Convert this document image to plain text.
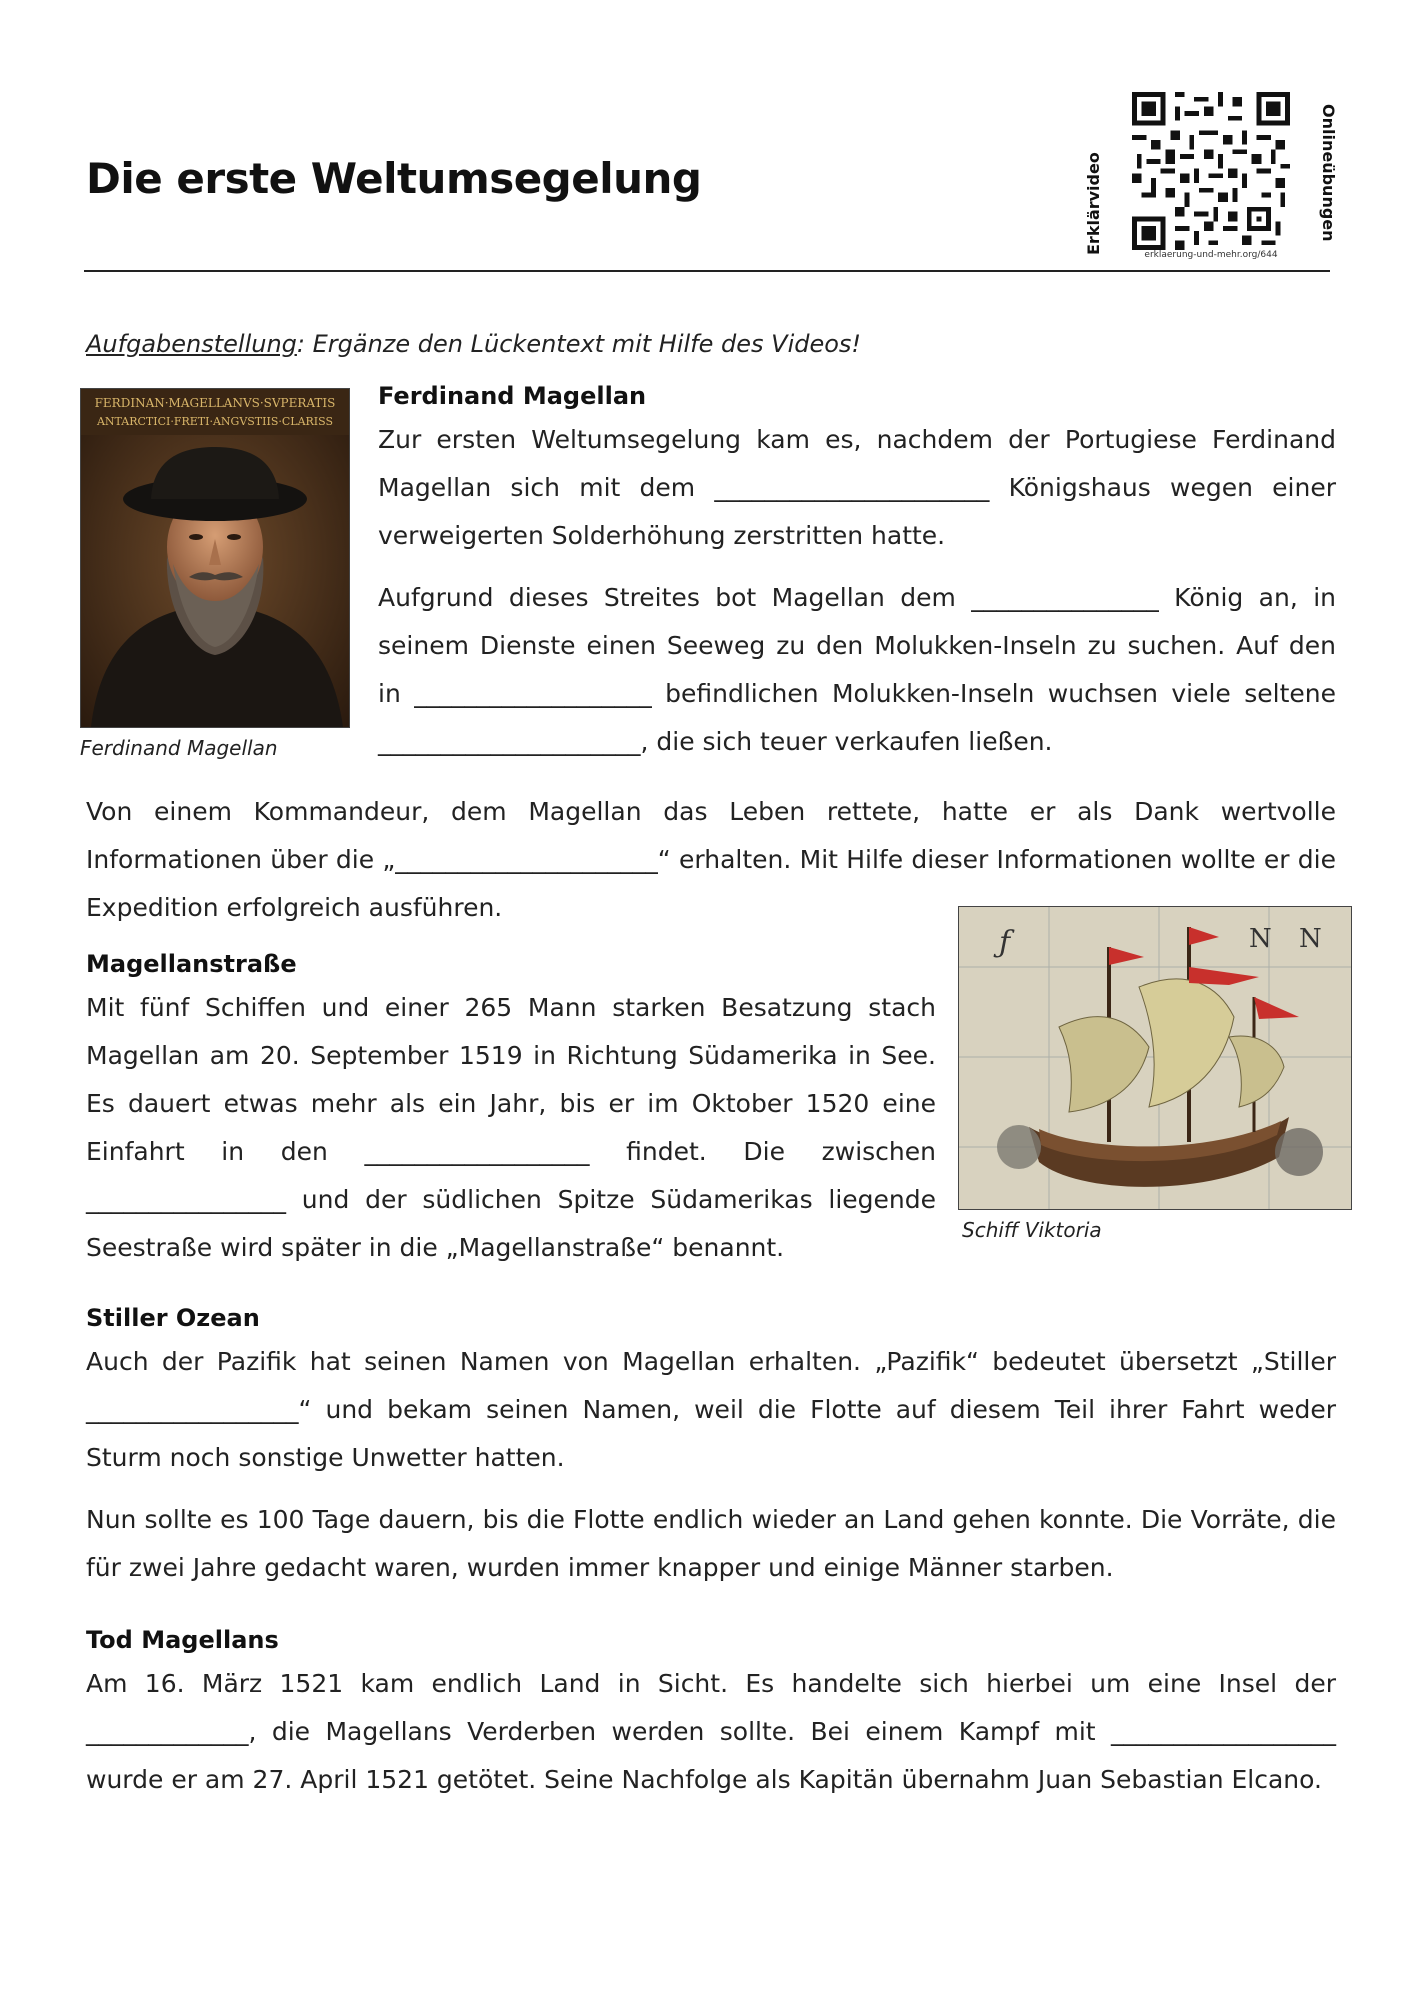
Die erste Weltumsegelung	Erklärvideo	erklaerung-und-mehr.org/644
Onlineübungen
Aufgabenstellung: Ergänze den Lückentext mit Hilfe des Videos!
FERDINAN·MAGELLANVS·SVPERATIS
ANTARCTICI·FRETI·ANGVSTIIS·CLARISS
Ferdinand Magellan
Ferdinand Magellan

Zur ersten Weltumsegelung kam es, nachdem der Portugiese Ferdinand Magellan sich mit dem ______________________ Königshaus wegen einer verweigerten Solderhöhung zerstritten hatte.

Aufgrund dieses Streites bot Magellan dem _______________ König an, in seinem Dienste einen Seeweg zu den Molukken-Inseln zu suchen. Auf den in ___________________ befindlichen Molukken-Inseln wuchsen viele seltene _____________________, die sich teuer verkaufen ließen.

Von einem Kommandeur, dem Magellan das Leben rettete, hatte er als Dank wertvolle Informationen über die „_____________________“ erhalten. Mit Hilfe dieser Informationen wollte er die Expedition erfolgreich ausführen.

Magellanstraße

Mit fünf Schiffen und einer 265 Mann starken Besatzung stach Magellan am 20. September 1519 in Richtung Südamerika in See. Es dauert etwas mehr als ein Jahr, bis er im Oktober 1520 eine Einfahrt in den __________________ findet. Die zwischen ________________ und der südlichen Spitze Südamerikas liegende Seestraße wird später in die „Magellanstraße“ benannt.

ƒ	N N
Schiff Viktoria
Stiller Ozean

Auch der Pazifik hat seinen Namen von Magellan erhalten. „Pazifik“ bedeutet übersetzt „Stiller _________________“ und bekam seinen Namen, weil die Flotte auf diesem Teil ihrer Fahrt weder Sturm noch sonstige Unwetter hatten.

Nun sollte es 100 Tage dauern, bis die Flotte endlich wieder an Land gehen konnte. Die Vorräte, die für zwei Jahre gedacht waren, wurden immer knapper und einige Männer starben.

Tod Magellans

Am 16. März 1521 kam endlich Land in Sicht. Es handelte sich hierbei um eine Insel der _____________, die Magellans Verderben werden sollte. Bei einem Kampf mit __________________ wurde er am 27. April 1521 getötet. Seine Nachfolge als Kapitän übernahm Juan Sebastian Elcano.
